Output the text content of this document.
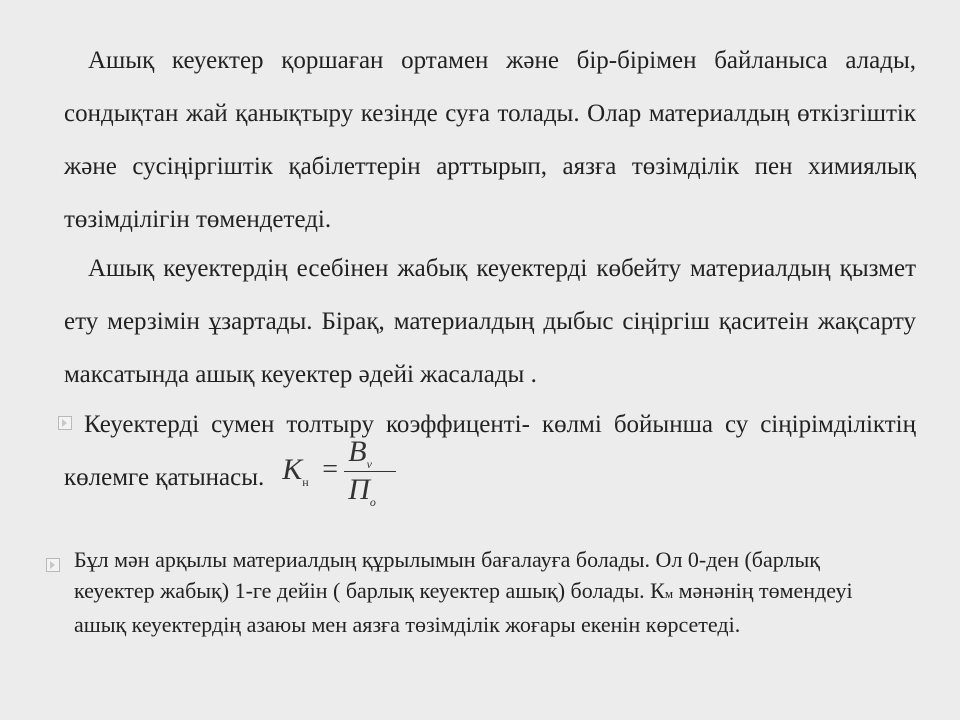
Ашық кеуектер қоршаған ортамен және бір-бірімен байланыса алады, сондықтан жай қанықтыру кезінде суға толады. Олар материалдың өткізгіштік және сусіңіргіштік қабілеттерін арттырып, аязға төзімділік пен химиялық төзімділігін төмендетеді.

Ашық кеуектердің есебінен жабық кеуектерді көбейту материалдың қызмет ету мерзімін ұзартады. Бірақ, материалдың дыбыс сіңіргіш қаситеін жақсарту максатында ашық кеуектер әдейі жасалады .

Кеуектерді сумен толтыру коэффиценті- көлмі бойынша су сіңірімділіктің көлемге қатынасы. $K_н$ =
$B_v$
$П_о$

Бұл мән арқылы материалдың құрылымын бағалауға болады. Ол 0-ден (барлық кеуектер жабық) 1-ге дейін ( барлық кеуектер ашық) болады. Км мәнәнің төмендеуі ашық кеуектердің азаюы мен аязға төзімділік жоғары екенін көрсетеді.
